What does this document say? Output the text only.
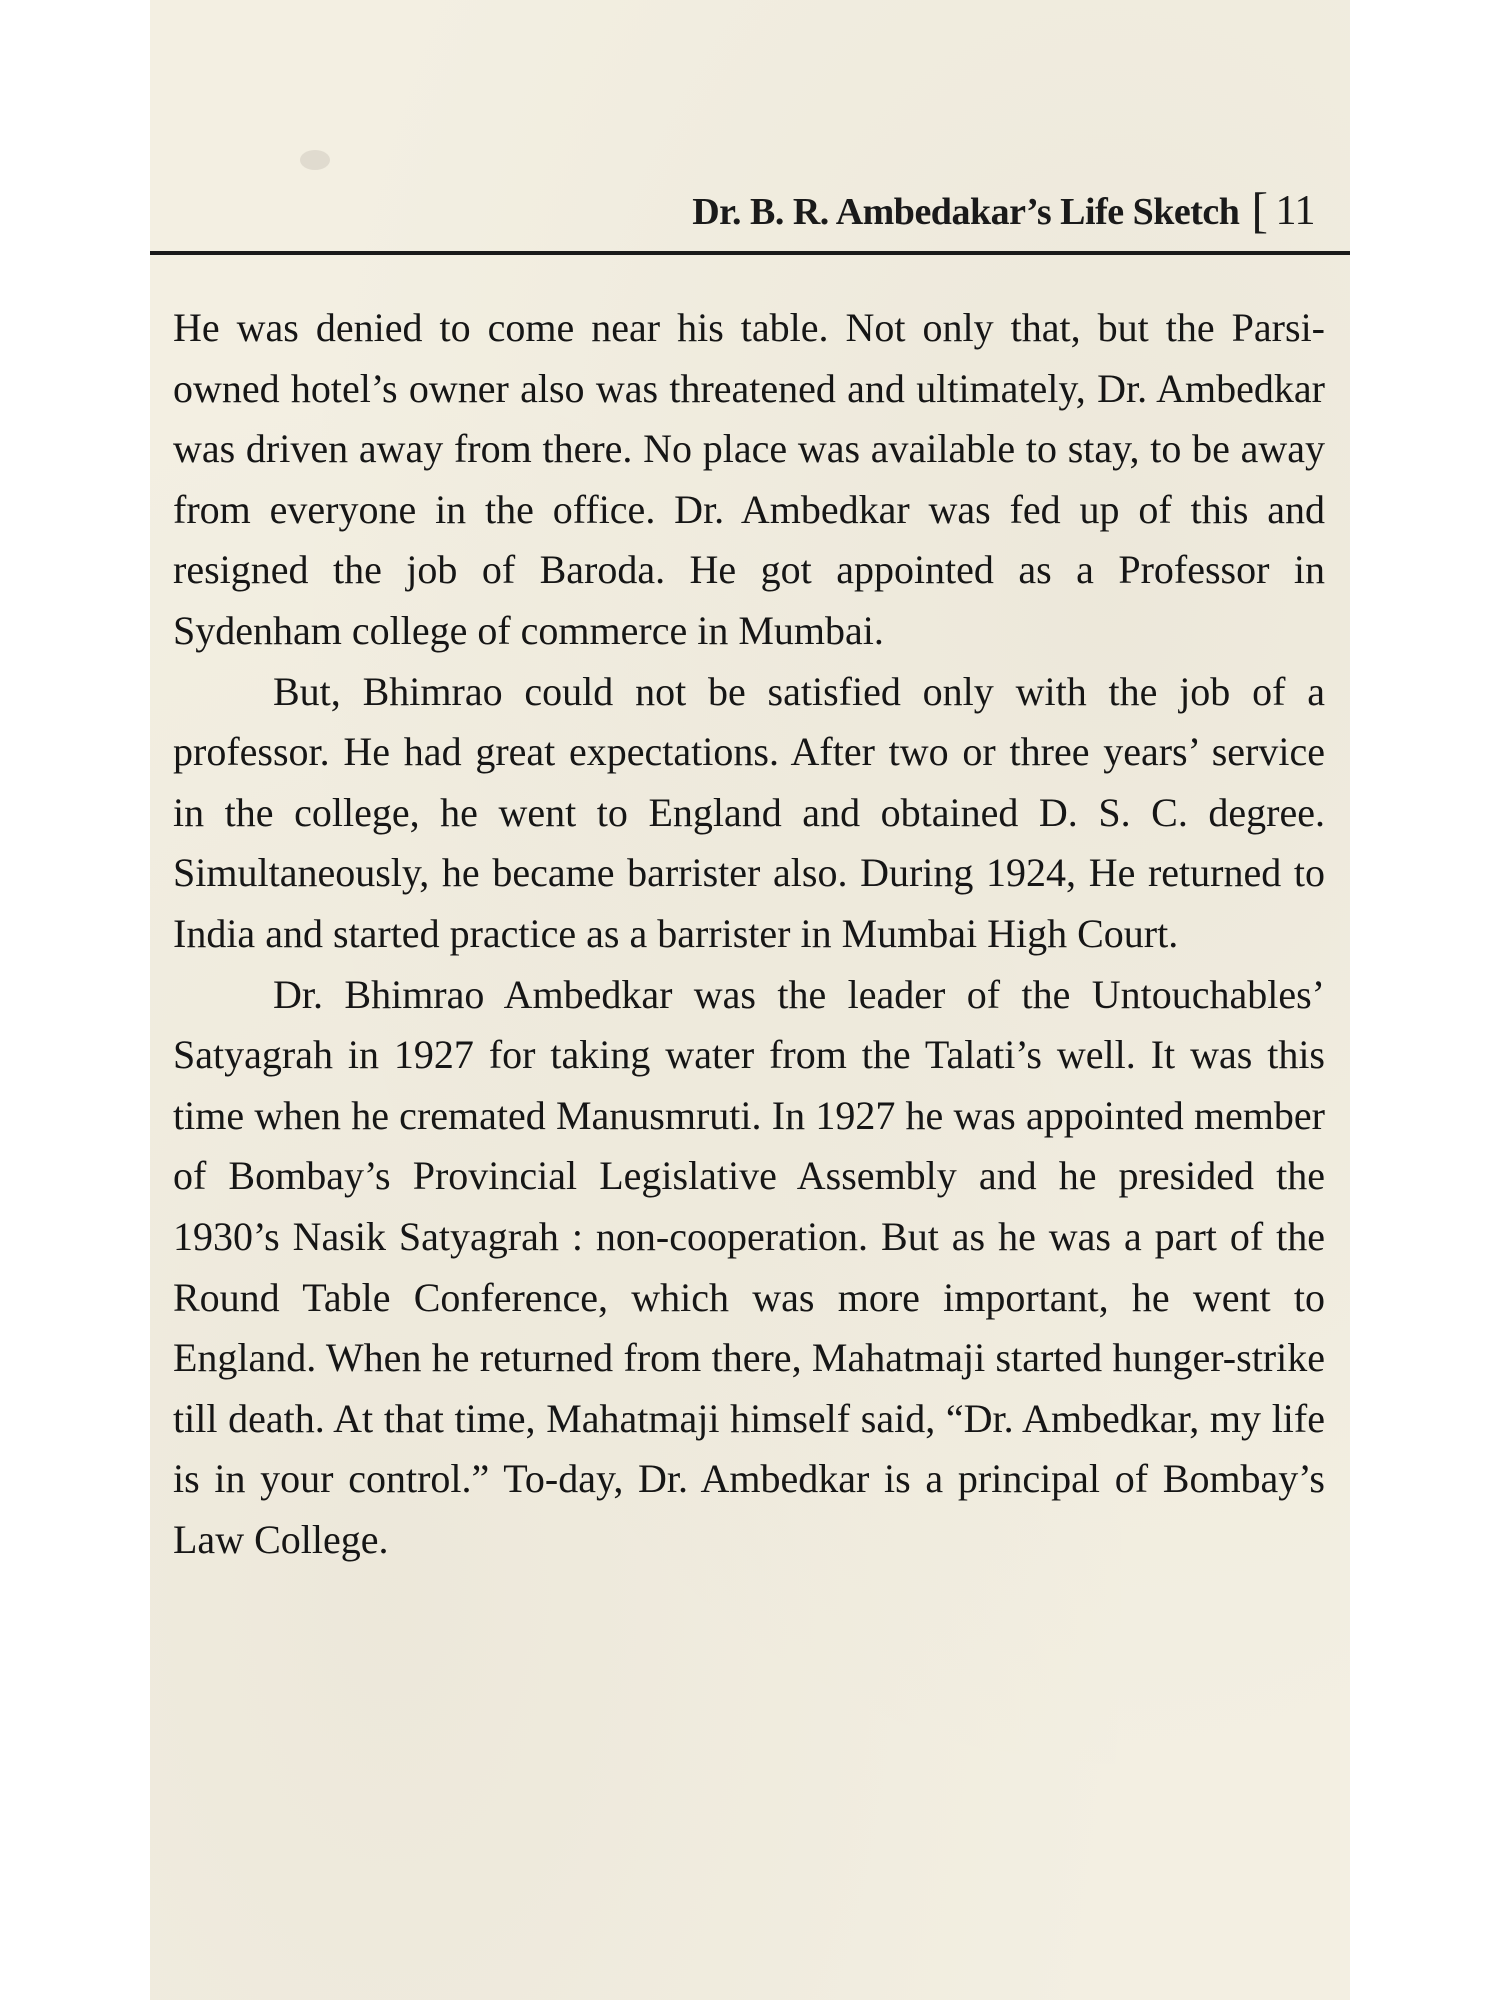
Dr. B. R. Ambedakar’s Life Sketch [ 11

He was denied to come near his table. Not only that, but the Parsi-owned hotel’s owner also was threatened and ultimately, Dr. Ambedkar was driven away from there. No place was available to stay, to be away from everyone in the office. Dr. Ambedkar was fed up of this and resigned the job of Baroda. He got appointed as a Professor in Sydenham college of commerce in Mumbai.

But, Bhimrao could not be satisfied only with the job of a professor. He had great expectations. After two or three years’ service in the college, he went to England and obtained D. S. C. degree. Simultaneously, he became barrister also. During 1924, He returned to India and started practice as a barrister in Mumbai High Court.

Dr. Bhimrao Ambedkar was the leader of the Untouchables’ Satyagrah in 1927 for taking water from the Talati’s well. It was this time when he cremated Manusmruti. In 1927 he was appointed member of Bombay’s Provincial Legislative Assembly and he presided the 1930’s Nasik Satyagrah : non-cooperation. But as he was a part of the Round Table Conference, which was more important, he went to England. When he returned from there, Mahatmaji started hunger-strike till death. At that time, Mahatmaji himself said, “Dr. Ambedkar, my life is in your control.” To-day, Dr. Ambedkar is a principal of Bombay’s Law College.
